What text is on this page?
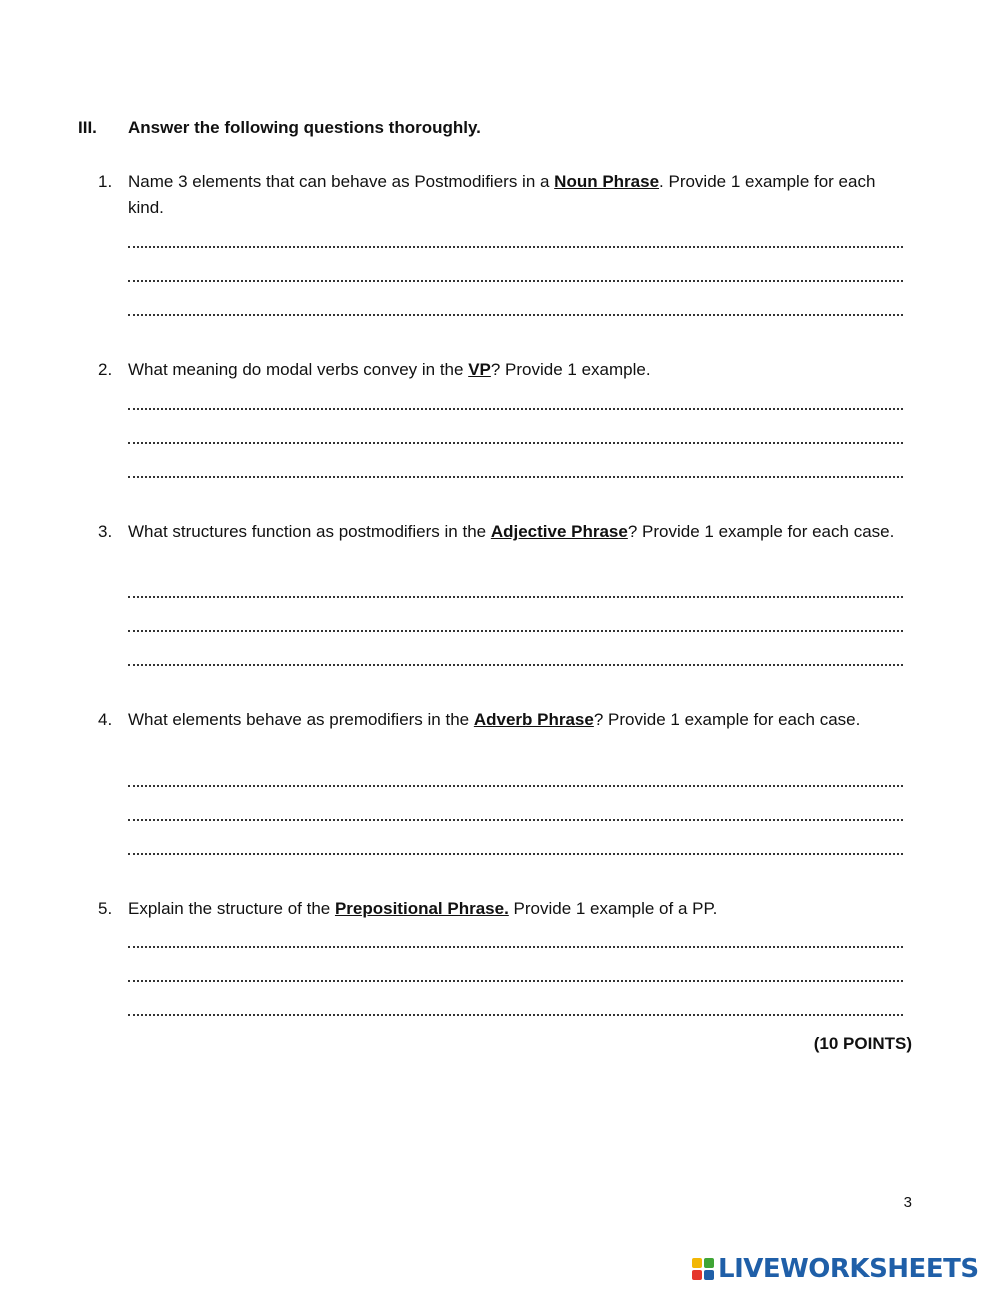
III. Answer the following questions thoroughly.
1. Name 3 elements that can behave as Postmodifiers in a Noun Phrase. Provide 1 example for each kind.
2. What meaning do modal verbs convey in the VP? Provide 1 example.
3. What structures function as postmodifiers in the Adjective Phrase? Provide 1 example for each case.
4. What elements behave as premodifiers in the Adverb Phrase? Provide 1 example for each case.
5. Explain the structure of the Prepositional Phrase. Provide 1 example of a PP.
(10 POINTS)
3
LIVEWORKSHEETS
